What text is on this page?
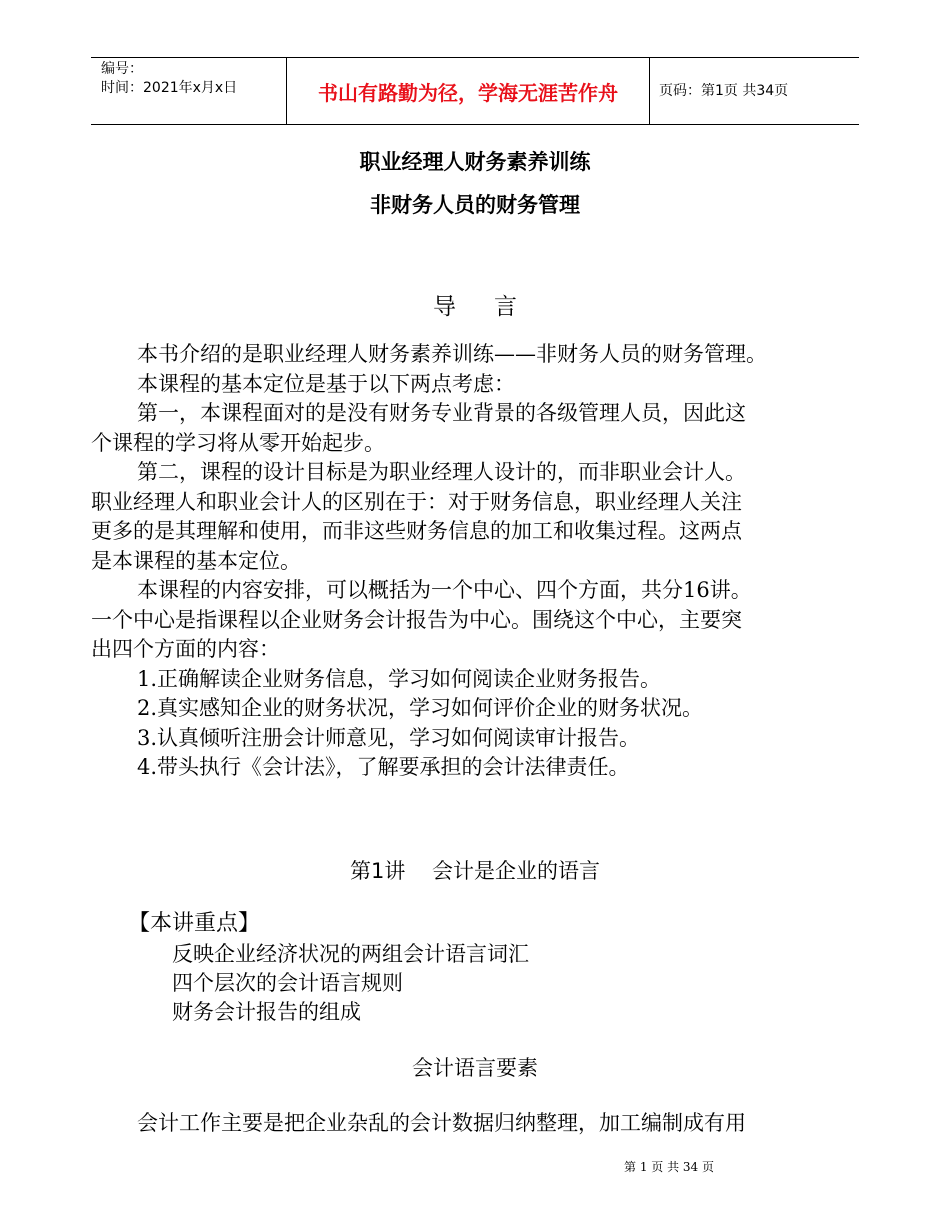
编号：
时间：2021年x月x日	书山有路勤为径，学海无涯苦作舟	页码：第1页 共34页
职业经理人财务素养训练
非财务人员的财务管理
导 言

本书介绍的是职业经理人财务素养训练——非财务人员的财务管理。

本课程的基本定位是基于以下两点考虑：

第一，本课程面对的是没有财务专业背景的各级管理人员，因此这

个课程的学习将从零开始起步。

第二，课程的设计目标是为职业经理人设计的，而非职业会计人。

职业经理人和职业会计人的区别在于：对于财务信息，职业经理人关注

更多的是其理解和使用，而非这些财务信息的加工和收集过程。这两点

是本课程的基本定位。

本课程的内容安排，可以概括为一个中心、四个方面，共分16讲。

一个中心是指课程以企业财务会计报告为中心。围绕这个中心，主要突

出四个方面的内容：

1.正确解读企业财务信息，学习如何阅读企业财务报告。

2.真实感知企业的财务状况，学习如何评价企业的财务状况。

3.认真倾听注册会计师意见，学习如何阅读审计报告。

4.带头执行《会计法》，了解要承担的会计法律责任。

第1讲    会计是企业的语言
【本讲重点】
反映企业经济状况的两组会计语言词汇
四个层次的会计语言规则
财务会计报告的组成
会计语言要素
会计工作主要是把企业杂乱的会计数据归纳整理，加工编制成有用
第 1 页 共 34 页
